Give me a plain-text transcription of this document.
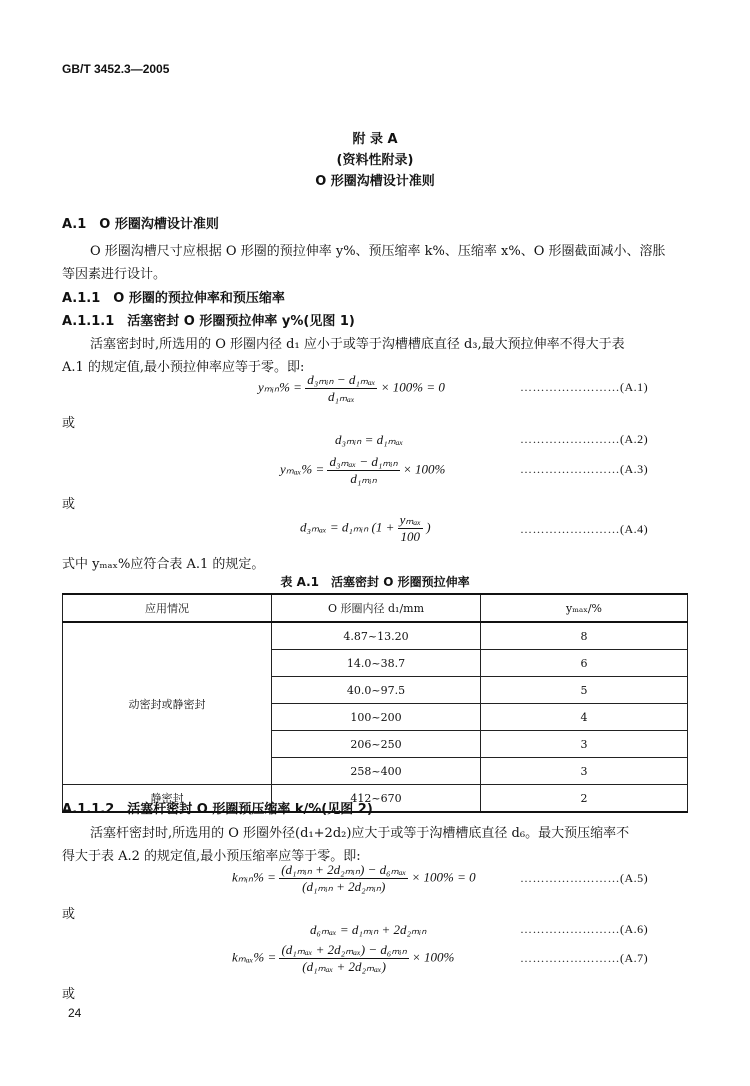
GB/T 3452.3—2005
附 录 A
(资料性附录)
O 形圈沟槽设计准则
A.1　O 形圈沟槽设计准则
O 形圈沟槽尺寸应根据 O 形圈的预拉伸率 y%、预压缩率 k%、压缩率 x%、O 形圈截面减小、溶胀
等因素进行设计。
A.1.1　O 形圈的预拉伸率和预压缩率
A.1.1.1　活塞密封 O 形圈预拉伸率 y%(见图 1)
活塞密封时,所选用的 O 形圈内径 d₁ 应小于或等于沟槽槽底直径 d₃,最大预拉伸率不得大于表
A.1 的规定值,最小预拉伸率应等于零。即:
yₘᵢₙ% = $\frac{\text{d₃ₘᵢₙ − d₁ₘₐₓ}}{\text{d₁ₘₐₓ}} \times 100\% = 0$	……………………(A.1)
或
d₃ₘᵢₙ = d₁ₘₐₓ	……………………(A.2)
$y_{max}\% = \frac{\text{d₃ₘₐₓ − d₁ₘᵢₙ}}{\text{d₁ₘᵢₙ}} \times 100\%$	……………………(A.3)
或
d₃ₘₐₓ = d₁ₘᵢₙ ($1 + \frac{\text{yₘₐₓ}}{100}$ )	……………………(A.4)
式中 yₘₐₓ%应符合表 A.1 的规定。
表 A.1　活塞密封 O 形圈预拉伸率
应用情况	O 形圈内径 d₁/mm	yₘₐₓ/%
动密封或静密封	4.87~13.20	8
	14.0~38.7	6
	40.0~97.5	5
	100~200	4
	206~250	3
	258~400	3
静密封	412~670	2
A.1.1.2　活塞杆密封 O 形圈预压缩率 k/%(见图 2)
活塞杆密封时,所选用的 O 形圈外径(d₁+2d₂)应大于或等于沟槽槽底直径 d₆。最大预压缩率不
得大于表 A.2 的规定值,最小预压缩率应等于零。即:
kₘᵢₙ% = $\frac{\text{(d₁ₘᵢₙ + 2d₂ₘᵢₙ) − d₆ₘₐₓ}}{\text{(d₁ₘᵢₙ + 2d₂ₘᵢₙ)}} \times 100\% = 0$	……………………(A.5)
或
d₆ₘₐₓ = d₁ₘᵢₙ + 2d₂ₘᵢₙ	……………………(A.6)
$k_{max}\% = \frac{\text{(d₁ₘₐₓ + 2d₂ₘₐₓ) − d₆ₘᵢₙ}}{\text{(d₁ₘₐₓ + 2d₂ₘₐₓ)}} \times 100\%$	……………………(A.7)
或
24
